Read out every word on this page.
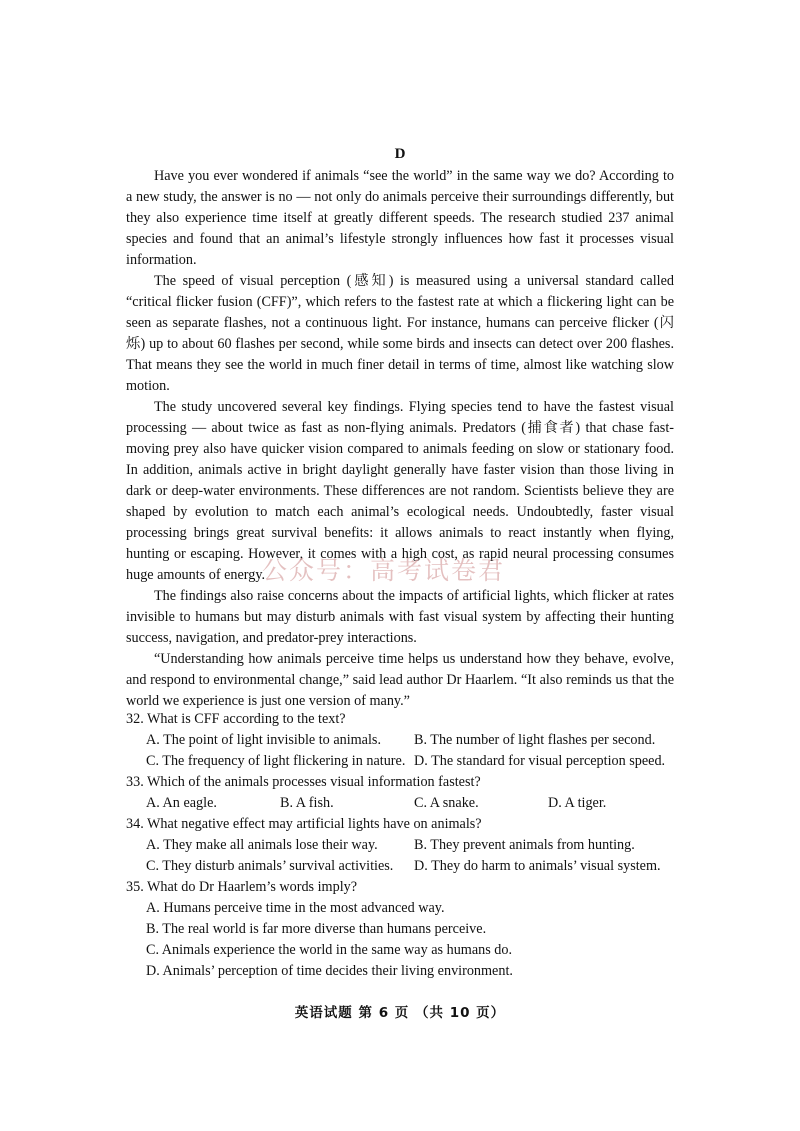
D

Have you ever wondered if animals “see the world” in the same way we do? According to a new study, the answer is no — not only do animals perceive their surroundings differently, but they also experience time itself at greatly different speeds. The research studied 237 animal species and found that an animal’s lifestyle strongly influences how fast it processes visual information.

The speed of visual perception (感知) is measured using a universal standard called “critical flicker fusion (CFF)”, which refers to the fastest rate at which a flickering light can be seen as separate flashes, not a continuous light. For instance, humans can perceive flicker (闪烁) up to about 60 flashes per second, while some birds and insects can detect over 200 flashes. That means they see the world in much finer detail in terms of time, almost like watching slow motion.

The study uncovered several key findings. Flying species tend to have the fastest visual processing — about twice as fast as non-flying animals. Predators (捕食者) that chase fast-moving prey also have quicker vision compared to animals feeding on slow or stationary food. In addition, animals active in bright daylight generally have faster vision than those living in dark or deep-water environments. These differences are not random. Scientists believe they are shaped by evolution to match each animal’s ecological needs. Undoubtedly, faster visual processing brings great survival benefits: it allows animals to react instantly when flying, hunting or escaping. However, it comes with a high cost, as rapid neural processing consumes huge amounts of energy.

The findings also raise concerns about the impacts of artificial lights, which flicker at rates invisible to humans but may disturb animals with fast visual system by affecting their hunting success, navigation, and predator-prey interactions.

“Understanding how animals perceive time helps us understand how they behave, evolve, and respond to environmental change,” said lead author Dr Haarlem. “It also reminds us that the world we experience is just one version of many.”

公众号：高考试卷君

32. What is CFF according to the text?

A. The point of light invisible to animals.	B. The number of light flashes per second.
C. The frequency of light flickering in nature. D. The standard for visual perception speed.

33. Which of the animals processes visual information fastest?

A. An eagle.	B. A fish.	C. A snake.	D. A tiger.

34. What negative effect may artificial lights have on animals?

A. They make all animals lose their way.	B. They prevent animals from hunting.
C. They disturb animals’ survival activities.	D. They do harm to animals’ visual system.

35. What do Dr Haarlem’s words imply?

A. Humans perceive time in the most advanced way.
B. The real world is far more diverse than humans perceive.
C. Animals experience the world in the same way as humans do.
D. Animals’ perception of time decides their living environment.
英语试题 第 6 页 （共 10 页）
